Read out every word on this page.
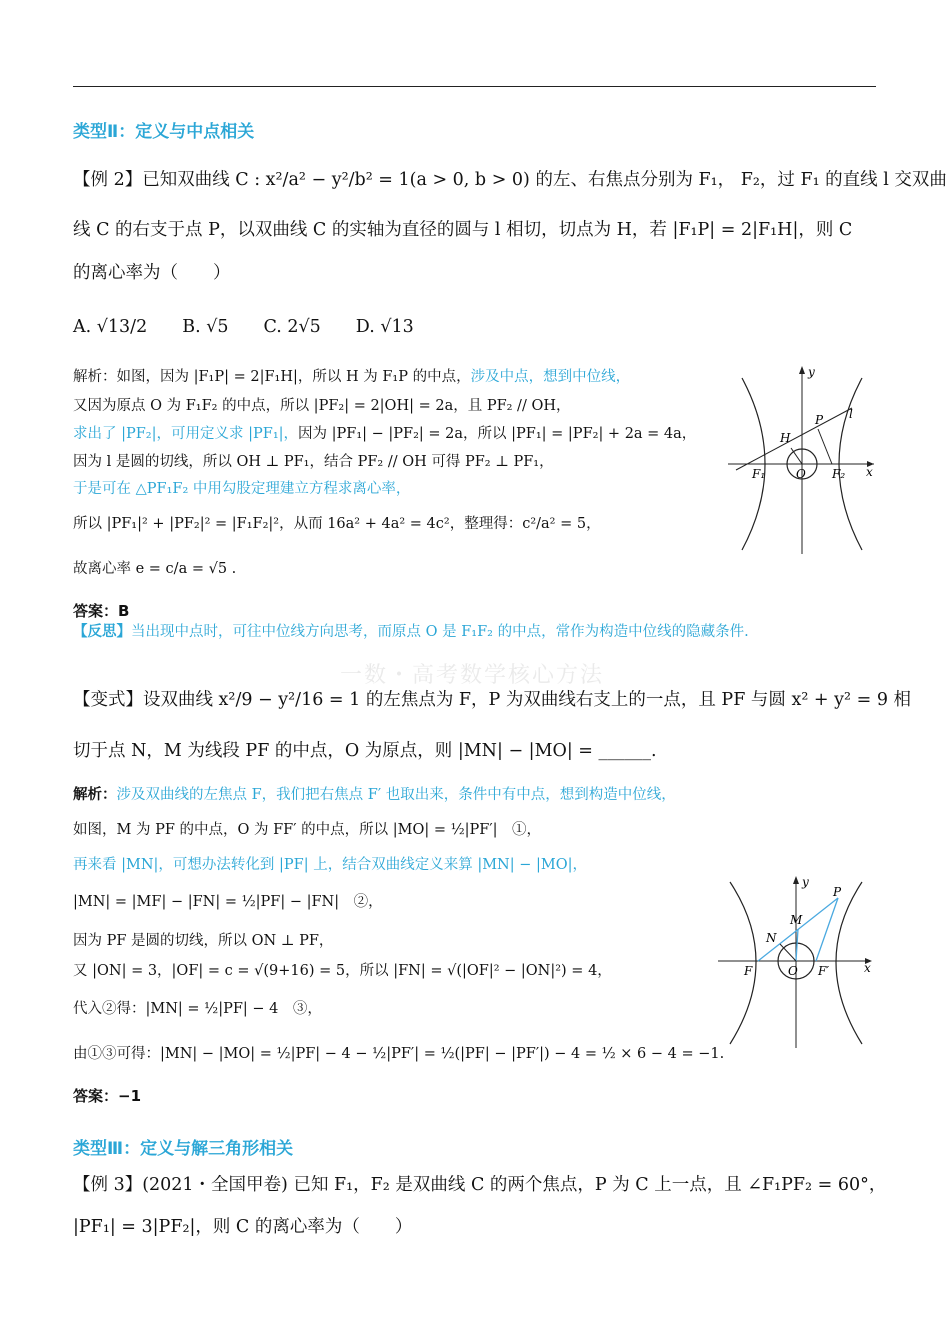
类型Ⅱ：定义与中点相关
【例 2】已知双曲线 C : x²/a² − y²/b² = 1(a > 0, b > 0) 的左、右焦点分别为 F₁， F₂，过 F₁ 的直线 l 交双曲
线 C 的右支于点 P，以双曲线 C 的实轴为直径的圆与 l 相切，切点为 H，若 |F₁P| = 2|F₁H|，则 C
的离心率为（　　）
A. √13/2　　B. √5　　C. 2√5　　D. √13
解析：如图，因为 |F₁P| = 2|F₁H|，所以 H 为 F₁P 的中点，涉及中点，想到中位线，
又因为原点 O 为 F₁F₂ 的中点，所以 |PF₂| = 2|OH| = 2a，且 PF₂ // OH，
求出了 |PF₂|，可用定义求 |PF₁|，因为 |PF₁| − |PF₂| = 2a，所以 |PF₁| = |PF₂| + 2a = 4a，
因为 l 是圆的切线，所以 OH ⊥ PF₁，结合 PF₂ // OH 可得 PF₂ ⊥ PF₁，
于是可在 △PF₁F₂ 中用勾股定理建立方程求离心率，
所以 |PF₁|² + |PF₂|² = |F₁F₂|²，从而 16a² + 4a² = 4c²，整理得：c²/a² = 5，
故离心率 e = c/a = √5 .
答案：B
【反思】当出现中点时，可往中位线方向思考，而原点 O 是 F₁F₂ 的中点，常作为构造中位线的隐藏条件.
y
x
H
P l
F₁	O F₂
一数・高考数学核心方法
【变式】设双曲线 x²/9 − y²/16 = 1 的左焦点为 F，P 为双曲线右支上的一点，且 PF 与圆 x² + y² = 9 相
切于点 N，M 为线段 PF 的中点，O 为原点，则 |MN| − |MO| = ______.
解析：涉及双曲线的左焦点 F，我们把右焦点 F′ 也取出来，条件中有中点，想到构造中位线，
如图，M 为 PF 的中点，O 为 FF′ 的中点，所以 |MO| = ½|PF′|　①，
再来看 |MN|，可想办法转化到 |PF| 上，结合双曲线定义来算 |MN| − |MO|，
|MN| = |MF| − |FN| = ½|PF| − |FN|　②，
因为 PF 是圆的切线，所以 ON ⊥ PF，
又 |ON| = 3，|OF| = c = √(9+16) = 5，所以 |FN| = √(|OF|² − |ON|²) = 4，
代入②得：|MN| = ½|PF| − 4　③，
由①③可得：|MN| − |MO| = ½|PF| − 4 − ½|PF′| = ½(|PF| − |PF′|) − 4 = ½ × 6 − 4 = −1.
答案：−1
y
x
P
M
N
F	O F′
类型Ⅲ：定义与解三角形相关
【例 3】(2021・全国甲卷) 已知 F₁，F₂ 是双曲线 C 的两个焦点，P 为 C 上一点，且 ∠F₁PF₂ = 60°，
|PF₁| = 3|PF₂|，则 C 的离心率为（　　）
